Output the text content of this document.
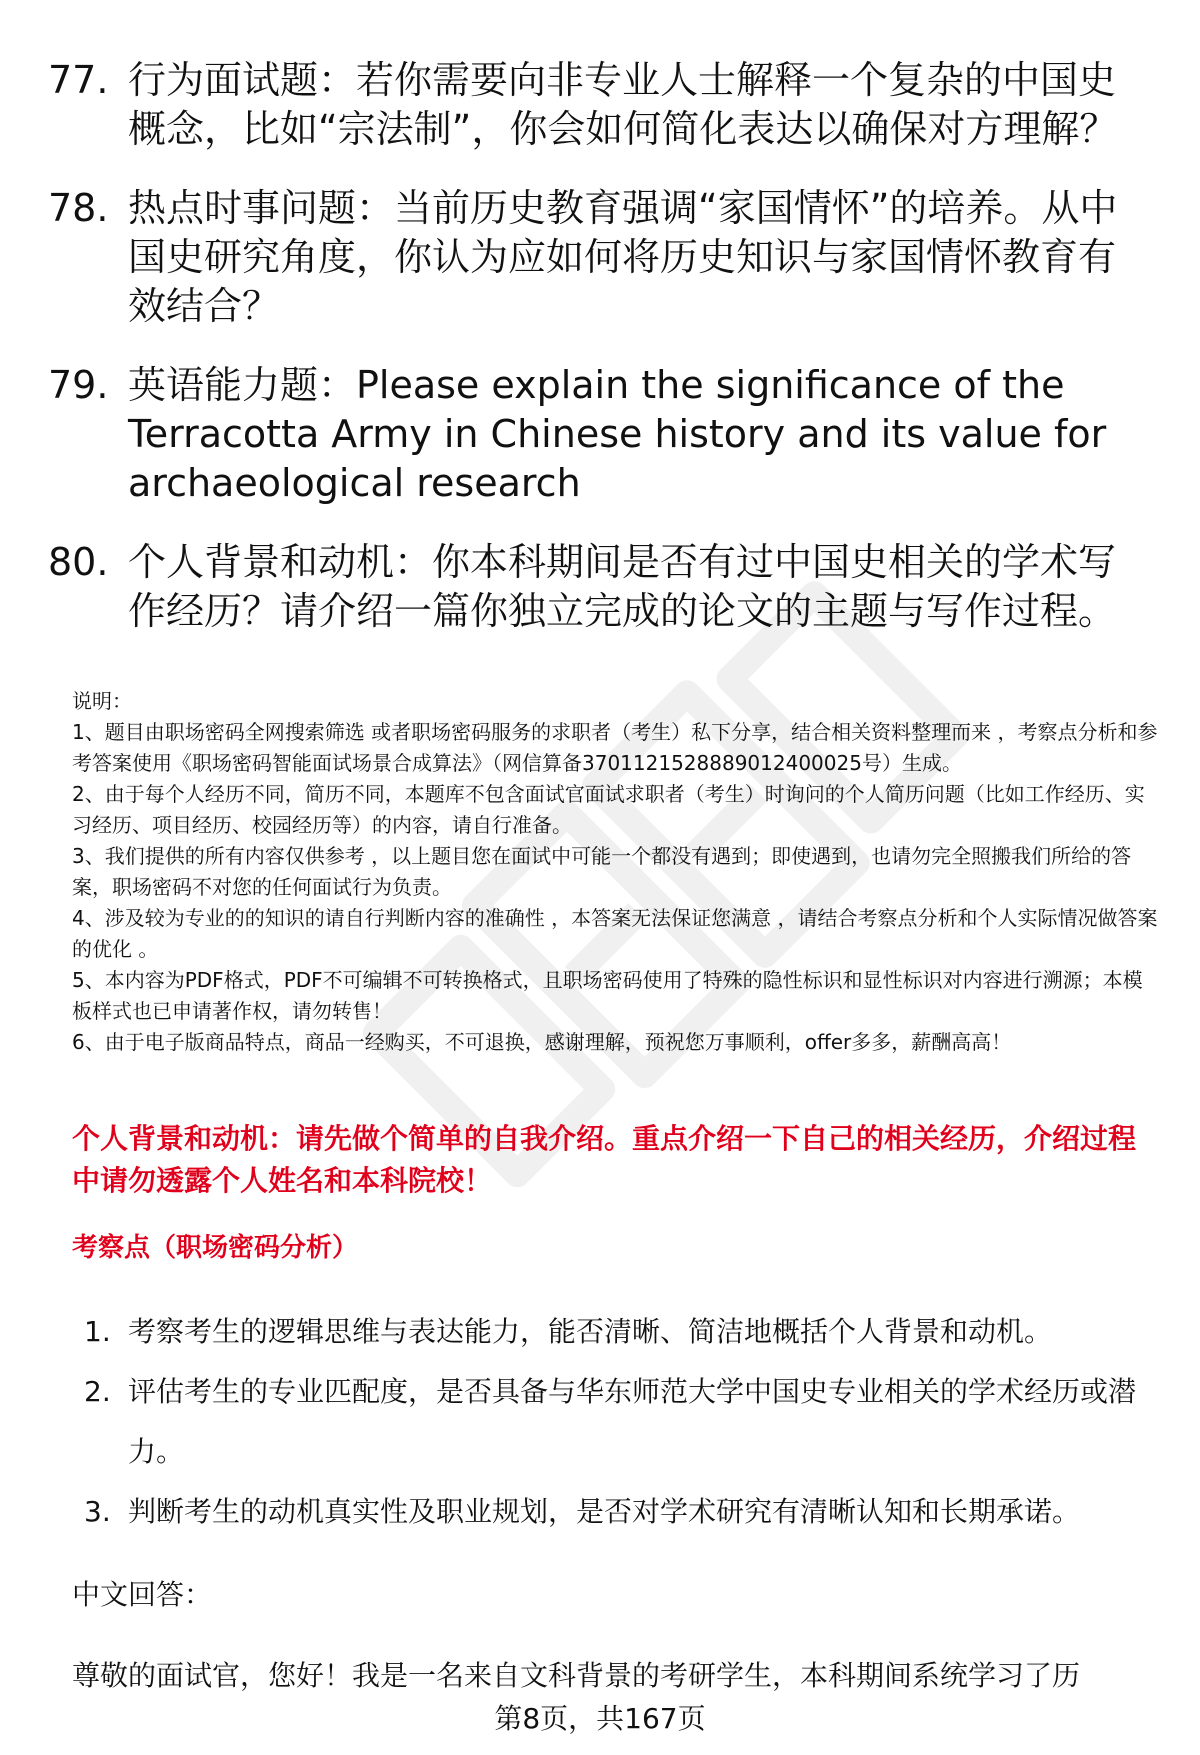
77. 行为面试题：若你需要向非专业人士解释一个复杂的中国史概念，比如“宗法制”，你会如何简化表达以确保对方理解？
78. 热点时事问题：当前历史教育强调“家国情怀”的培养。从中国史研究角度，你认为应如何将历史知识与家国情怀教育有效结合？
79. 英语能力题：Please explain the significance of the Terracotta Army in Chinese history and its value for archaeological research
80. 个人背景和动机：你本科期间是否有过中国史相关的学术写作经历？请介绍一篇你独立完成的论文的主题与写作过程。

说明：

1、题目由职场密码全网搜索筛选 或者职场密码服务的求职者（考生）私下分享，结合相关资料整理而来 ，考察点分析和参考答案使用《职场密码智能面试场景合成算法》（网信算备3701121528889012400025号）生成。

2、由于每个人经历不同，简历不同，本题库不包含面试官面试求职者（考生）时询问的个人简历问题（比如工作经历、实习经历、项目经历、校园经历等）的内容，请自行准备。

3、我们提供的所有内容仅供参考 ，以上题目您在面试中可能一个都没有遇到；即使遇到，也请勿完全照搬我们所给的答案，职场密码不对您的任何面试行为负责。

4、涉及较为专业的的知识的请自行判断内容的准确性 ，本答案无法保证您满意 ，请结合考察点分析和个人实际情况做答案的优化 。

5、本内容为PDF格式，PDF不可编辑不可转换格式，且职场密码使用了特殊的隐性标识和显性标识对内容进行溯源；本模板样式也已申请著作权，请勿转售！

6、由于电子版商品特点，商品一经购买，不可退换，感谢理解，预祝您万事顺利，offer多多，薪酬高高！

个人背景和动机：请先做个简单的自我介绍。重点介绍一下自己的相关经历，介绍过程中请勿透露个人姓名和本科院校！
考察点（职场密码分析）
1. 考察考生的逻辑思维与表达能力，能否清晰、简洁地概括个人背景和动机。
2. 评估考生的专业匹配度，是否具备与华东师范大学中国史专业相关的学术经历或潜力。
3. 判断考生的动机真实性及职业规划，是否对学术研究有清晰认知和长期承诺。
中文回答：
尊敬的面试官，您好！我是一名来自文科背景的考研学生，本科期间系统学习了历
第8页，共167页
